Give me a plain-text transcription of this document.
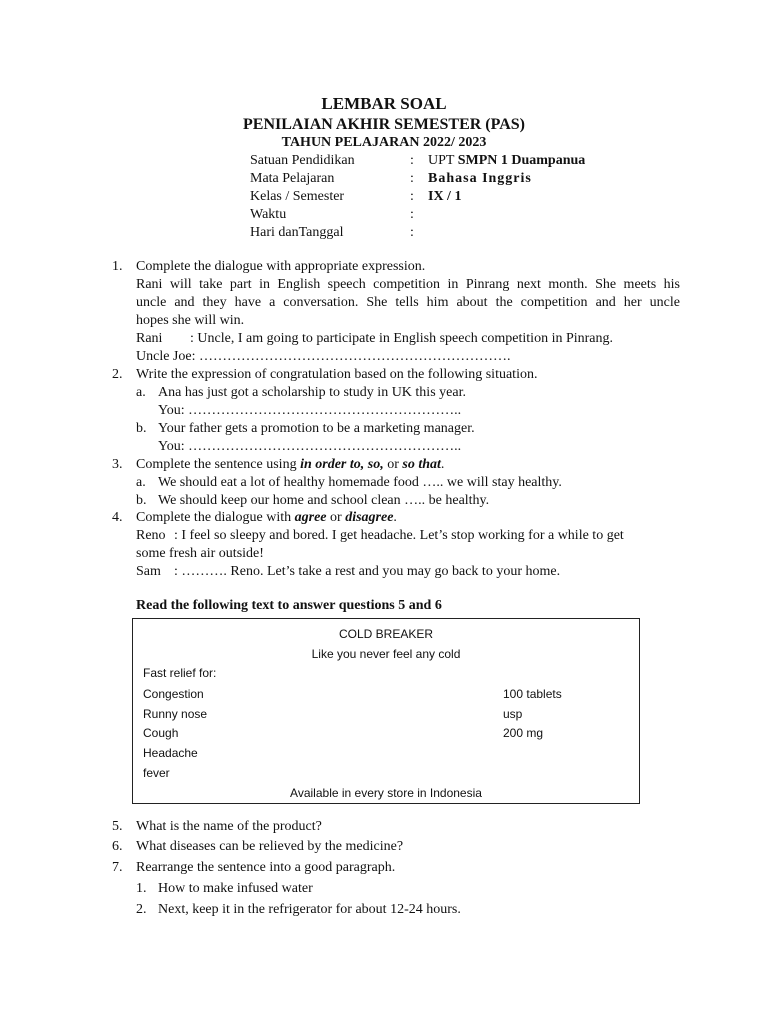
LEMBAR SOAL
PENILAIAN AKHIR SEMESTER (PAS)
TAHUN PELAJARAN 2022/ 2023
Satuan Pendidikan	:	UPT SMPN 1 Duampanua
Mata Pelajaran	:	Bahasa Inggris
Kelas / Semester	:	IX / 1
Waktu	:
Hari danTanggal	:
1. Complete the dialogue with appropriate expression.
Rani will take part in English speech competition in Pinrang next month. She meets his
uncle and they have a conversation. She tells him about the competition and her uncle
hopes she will win.
Rani : Uncle, I am going to participate in English speech competition in Pinrang.
Uncle Joe: ………………………………………………………….
2. Write the expression of congratulation based on the following situation.
a. Ana has just got a scholarship to study in UK this year.
You: …………………………………………………..
b. Your father gets a promotion to be a marketing manager.
You: …………………………………………………..
3. Complete the sentence using in order to, so, or so that.
a. We should eat a lot of healthy homemade food ….. we will stay healthy.
b. We should keep our home and school clean ….. be healthy.
4. Complete the dialogue with agree or disagree.
Reno : I feel so sleepy and bored. I get headache. Let’s stop working for a while to get
some fresh air outside!
Sam : ………. Reno. Let’s take a rest and you may go back to your home.
Read the following text to answer questions 5 and 6
COLD BREAKER
Like you never feel any cold
Fast relief for:
Congestion
Runny nose
Cough
Headache
fever
100 tablets
usp
200 mg
Available in every store in Indonesia
5. What is the name of the product?
6. What diseases can be relieved by the medicine?
7. Rearrange the sentence into a good paragraph.
1. How to make infused water
2. Next, keep it in the refrigerator for about 12-24 hours.
